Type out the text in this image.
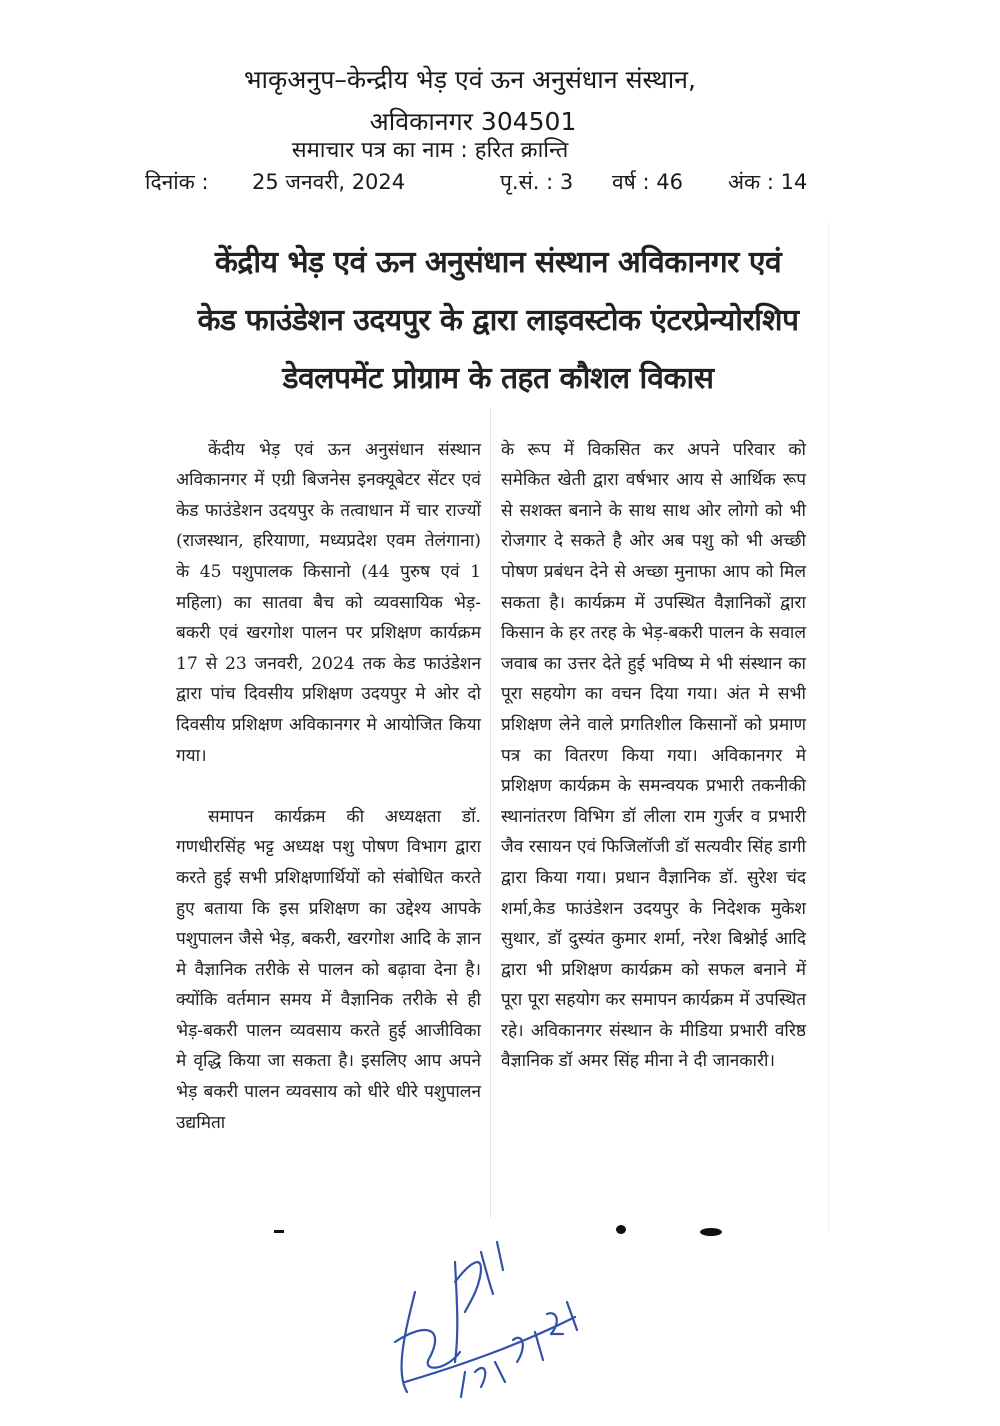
भाकृअनुप–केन्द्रीय भेड़ एवं ऊन अनुसंधान संस्थान,
अविकानगर 304501
समाचार पत्र का नाम : हरित क्रान्ति
दिनांक : 25 जनवरी, 2024	पृ.सं. : 3 वर्ष : 46 अंक : 14
केंद्रीय भेड़ एवं ऊन अनुसंधान संस्थान अविकानगर एवं
केड फाउंडेशन उदयपुर के द्वारा लाइवस्टोक एंटरप्रेन्योरशिप
डेवलपमेंट प्रोग्राम के तहत कौशल विकास

केंदीय भेड़ एवं ऊन अनुसंधान संस्थान अविकानगर में एग्री बिजनेस इनक्यूबेटर सेंटर एवं केड फाउंडेशन उदयपुर के तत्वाधान में चार राज्यों (राजस्थान, हरियाणा, मध्यप्रदेश एवम तेलंगाना) के 45 पशुपालक किसानो (44 पुरुष एवं 1 महिला) का सातवा बैच को व्यवसायिक भेड़- बकरी एवं खरगोश पालन पर प्रशिक्षण कार्यक्रम 17 से 23 जनवरी, 2024 तक केड फाउंडेशन द्वारा पांच दिवसीय प्रशिक्षण उदयपुर मे ओर दो दिवसीय प्रशिक्षण अविकानगर मे आयोजित किया गया।

समापन कार्यक्रम की अध्यक्षता डॉ. गणधीरसिंह भट्ट अध्यक्ष पशु पोषण विभाग द्वारा करते हुई सभी प्रशिक्षणार्थियों को संबोधित करते हुए बताया कि इस प्रशिक्षण का उद्देश्य आपके पशुपालन जैसे भेड़, बकरी, खरगोश आदि के ज्ञान मे वैज्ञानिक तरीके से पालन को बढ़ावा देना है। क्योंकि वर्तमान समय में वैज्ञानिक तरीके से ही भेड़-बकरी पालन व्यवसाय करते हुई आजीविका मे वृद्धि किया जा सकता है। इसलिए आप अपने भेड़ बकरी पालन व्यवसाय को धीरे धीरे पशुपालन उद्यमिता

के रूप में विकसित कर अपने परिवार को समेकित खेती द्वारा वर्षभार आय से आर्थिक रूप से सशक्त बनाने के साथ साथ ओर लोगो को भी रोजगार दे सकते है ओर अब पशु को भी अच्छी पोषण प्रबंधन देने से अच्छा मुनाफा आप को मिल सकता है। कार्यक्रम में उपस्थित वैज्ञानिकों द्वारा किसान के हर तरह के भेड़-बकरी पालन के सवाल जवाब का उत्तर देते हुई भविष्य मे भी संस्थान का पूरा सहयोग का वचन दिया गया। अंत मे सभी प्रशिक्षण लेने वाले प्रगतिशील किसानों को प्रमाण पत्र का वितरण किया गया। अविकानगर मे प्रशिक्षण कार्यक्रम के समन्वयक प्रभारी तकनीकी स्थानांतरण विभिग डॉ लीला राम गुर्जर व प्रभारी जैव रसायन एवं फिजिलॉजी डॉ सत्यवीर सिंह डागी द्वारा किया गया। प्रधान वैज्ञानिक डॉ. सुरेश चंद शर्मा,केड फाउंडेशन उदयपुर के निदेशक मुकेश सुथार, डॉ दुस्यंत कुमार शर्मा, नरेश बिश्नोई आदि द्वारा भी प्रशिक्षण कार्यक्रम को सफल बनाने में पूरा पूरा सहयोग कर समापन कार्यक्रम में उपस्थित रहे। अविकानगर संस्थान के मीडिया प्रभारी वरिष्ठ वैज्ञानिक डॉ अमर सिंह मीना ने दी जानकारी।
